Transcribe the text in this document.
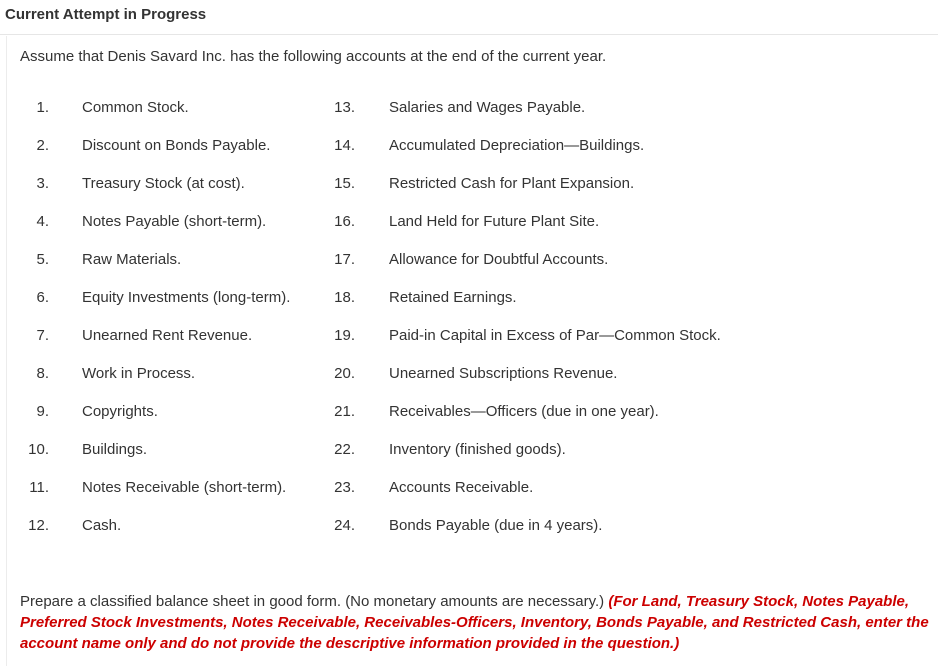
Current Attempt in Progress
Assume that Denis Savard Inc. has the following accounts at the end of the current year.
1. Common Stock.	13. Salaries and Wages Payable.
2. Discount on Bonds Payable.	14. Accumulated Depreciation—Buildings.
3. Treasury Stock (at cost).	15. Restricted Cash for Plant Expansion.
4. Notes Payable (short-term).	16. Land Held for Future Plant Site.
5. Raw Materials.	17. Allowance for Doubtful Accounts.
6. Equity Investments (long-term).	18. Retained Earnings.
7. Unearned Rent Revenue.	19. Paid-in Capital in Excess of Par—Common Stock.
8. Work in Process.	20. Unearned Subscriptions Revenue.
9. Copyrights.	21. Receivables—Officers (due in one year).
10. Buildings.	22. Inventory (finished goods).
11. Notes Receivable (short-term).	23. Accounts Receivable.
12. Cash.	24. Bonds Payable (due in 4 years).
Prepare a classified balance sheet in good form. (No monetary amounts are necessary.) (For Land, Treasury Stock, Notes Payable, Preferred Stock Investments, Notes Receivable, Receivables-Officers, Inventory, Bonds Payable, and Restricted Cash, enter the account name only and do not provide the descriptive information provided in the question.)
